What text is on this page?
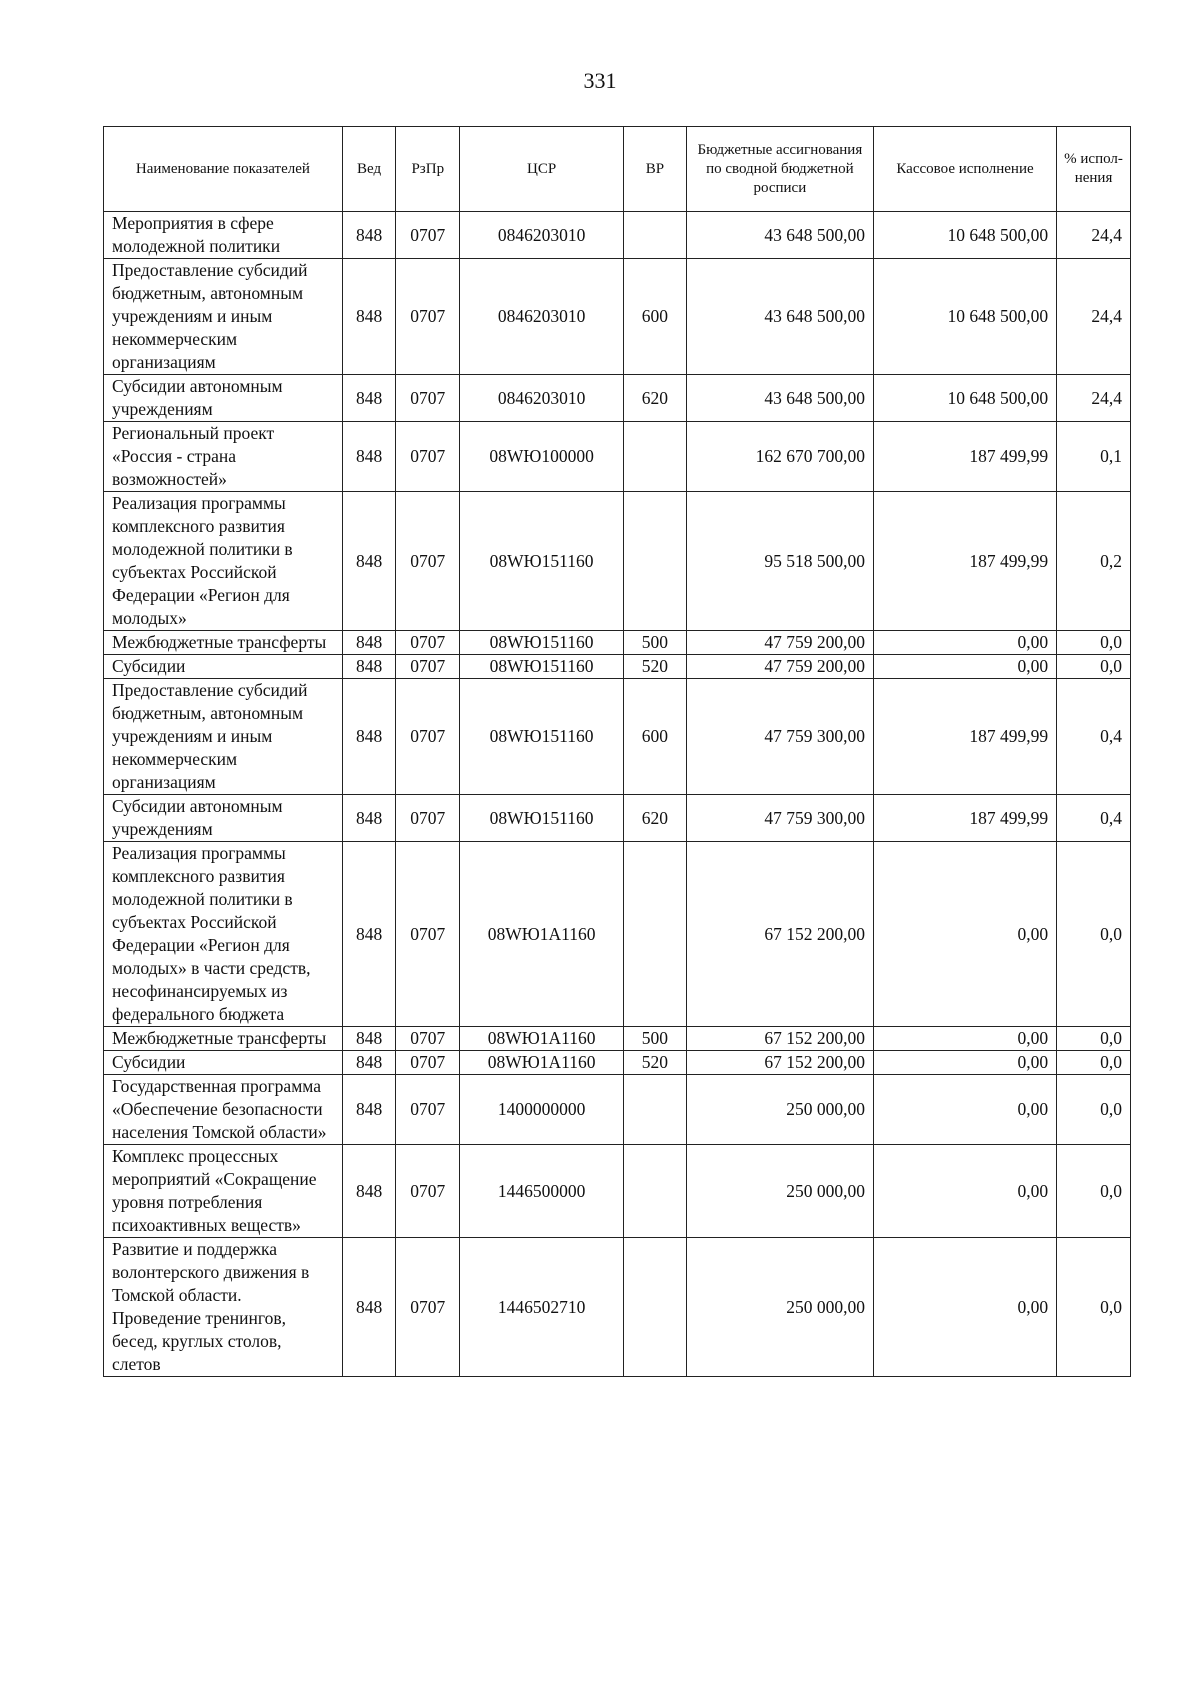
331
Наименование показателей	Вед	РзПр	ЦСР	ВР	Бюджетные ассигнования по сводной бюджетной росписи	Кассовое исполнение	% испол-нения
Мероприятия в сфере молодежной политики	848	0707	0846203010		43 648 500,00	10 648 500,00	24,4
Предоставление субсидий бюджетным, автономным учреждениям и иным некоммерческим организациям	848	0707	0846203010	600	43 648 500,00	10 648 500,00	24,4
Субсидии автономным учреждениям	848	0707	0846203010	620	43 648 500,00	10 648 500,00	24,4
Региональный проект «Россия - страна возможностей»	848	0707	08WЮ100000		162 670 700,00	187 499,99	0,1
Реализация программы комплексного развития молодежной политики в субъектах Российской Федерации «Регион для молодых»	848	0707	08WЮ151160		95 518 500,00	187 499,99	0,2
Межбюджетные трансферты	848	0707	08WЮ151160	500	47 759 200,00	0,00	0,0
Субсидии	848	0707	08WЮ151160	520	47 759 200,00	0,00	0,0
Предоставление субсидий бюджетным, автономным учреждениям и иным некоммерческим организациям	848	0707	08WЮ151160	600	47 759 300,00	187 499,99	0,4
Субсидии автономным учреждениям	848	0707	08WЮ151160	620	47 759 300,00	187 499,99	0,4
Реализация программы комплексного развития молодежной политики в субъектах Российской Федерации «Регион для молодых» в части средств, несофинансируемых из федерального бюджета	848	0707	08WЮ1A1160		67 152 200,00	0,00	0,0
Межбюджетные трансферты	848	0707	08WЮ1A1160	500	67 152 200,00	0,00	0,0
Субсидии	848	0707	08WЮ1A1160	520	67 152 200,00	0,00	0,0
Государственная программа «Обеспечение безопасности населения Томской области»	848	0707	1400000000		250 000,00	0,00	0,0
Комплекс процессных мероприятий «Сокращение уровня потребления психоактивных веществ»	848	0707	1446500000		250 000,00	0,00	0,0
Развитие и поддержка волонтерского движения в Томской области. Проведение тренингов, бесед, круглых столов, слетов	848	0707	1446502710		250 000,00	0,00	0,0
